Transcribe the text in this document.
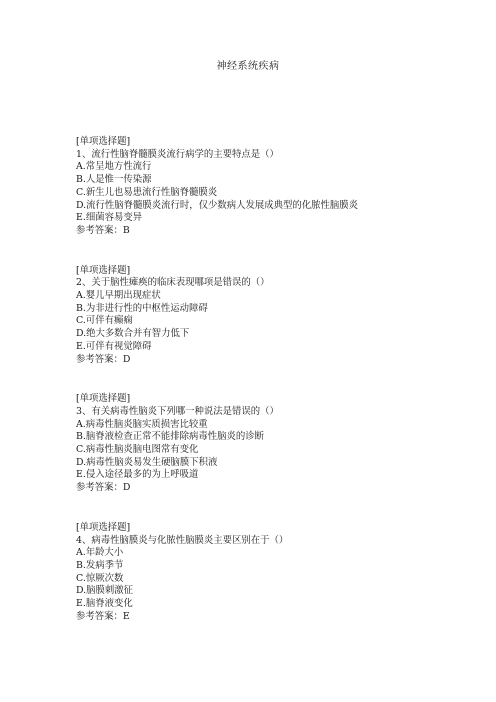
神经系统疾病
[单项选择题]
1、流行性脑脊髓膜炎流行病学的主要特点是（）
A.常呈地方性流行
B.人是惟一传染源
C.新生儿也易患流行性脑脊髓膜炎
D.流行性脑脊髓膜炎流行时，仅少数病人发展成典型的化脓性脑膜炎
E.细菌容易变异
参考答案：B
[单项选择题]
2、关于脑性瘫痪的临床表现哪项是错误的（）
A.婴儿早期出现症状
B.为非进行性的中枢性运动障碍
C.可伴有癫痫
D.绝大多数合并有智力低下
E.可伴有视觉障碍
参考答案：D
[单项选择题]
3、有关病毒性脑炎下列哪一种说法是错误的（）
A.病毒性脑炎脑实质损害比较重
B.脑脊液检查正常不能排除病毒性脑炎的诊断
C.病毒性脑炎脑电图常有变化
D.病毒性脑炎易发生硬脑膜下积液
E.侵入途径最多的为上呼吸道
参考答案：D
[单项选择题]
4、病毒性脑膜炎与化脓性脑膜炎主要区别在于（）
A.年龄大小
B.发病季节
C.惊厥次数
D.脑膜刺激征
E.脑脊液变化
参考答案：E
